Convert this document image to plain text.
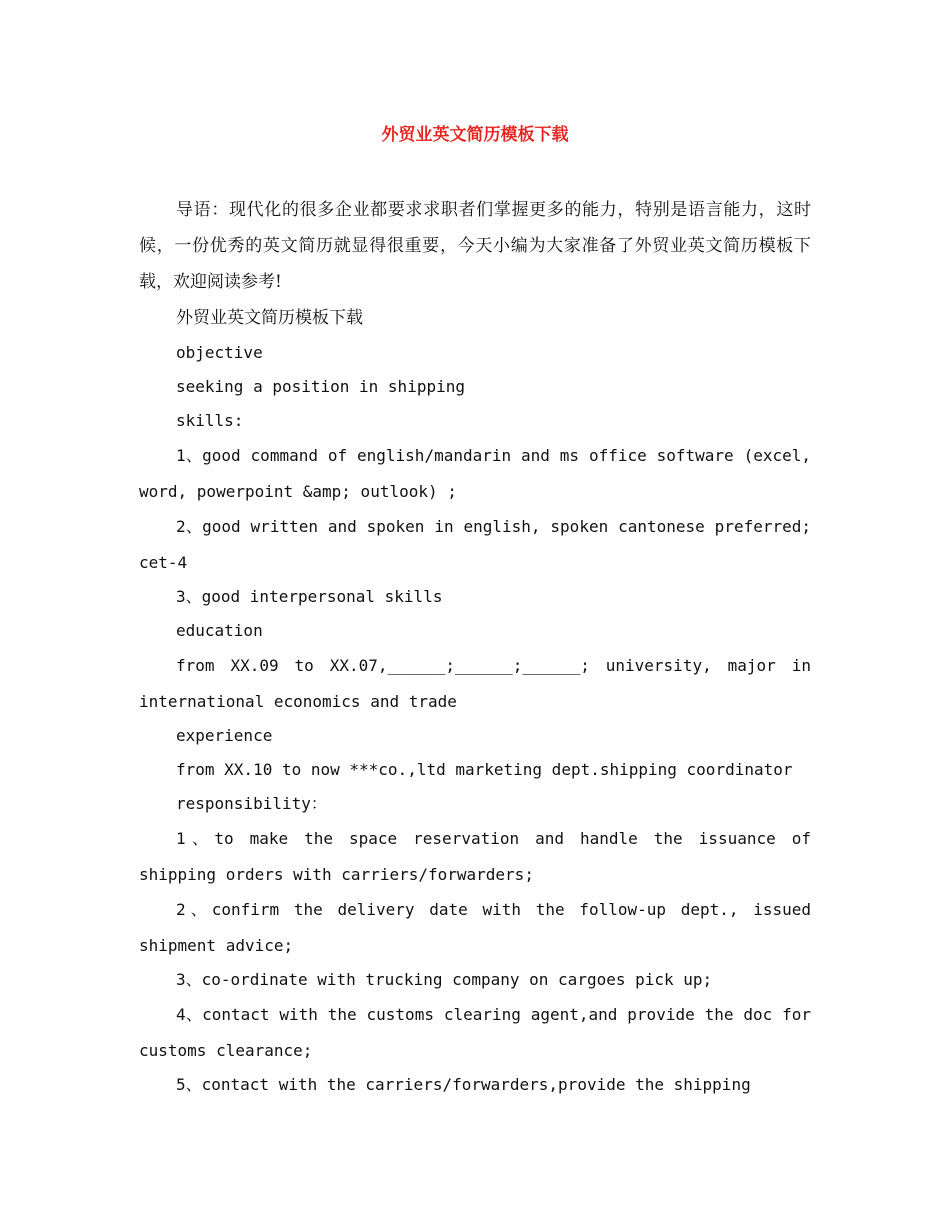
外贸业英文简历模板下载

导语：现代化的很多企业都要求求职者们掌握更多的能力，特别是语言能力，这时候，一份优秀的英文简历就显得很重要，今天小编为大家准备了外贸业英文简历模板下载，欢迎阅读参考!

外贸业英文简历模板下载

objective

seeking a position in shipping

skills:

1、good command of english/mandarin and ms office software (excel, word, powerpoint &amp; outlook) ;

2、good written and spoken in english, spoken cantonese preferred; cet-4

3、good interpersonal skills

education

from XX.09 to XX.07,______;______;______; university, major in international economics and trade

experience

from XX.10 to now ***co.,ltd marketing dept.shipping coordinator

responsibility：

1、to make the space reservation and handle the issuance of shipping orders with carriers/forwarders;

2、confirm the delivery date with the follow-up dept., issued shipment advice;

3、co-ordinate with trucking company on cargoes pick up;

4、contact with the customs clearing agent,and provide the doc for customs clearance;

5、contact with the carriers/forwarders,provide the shipping
